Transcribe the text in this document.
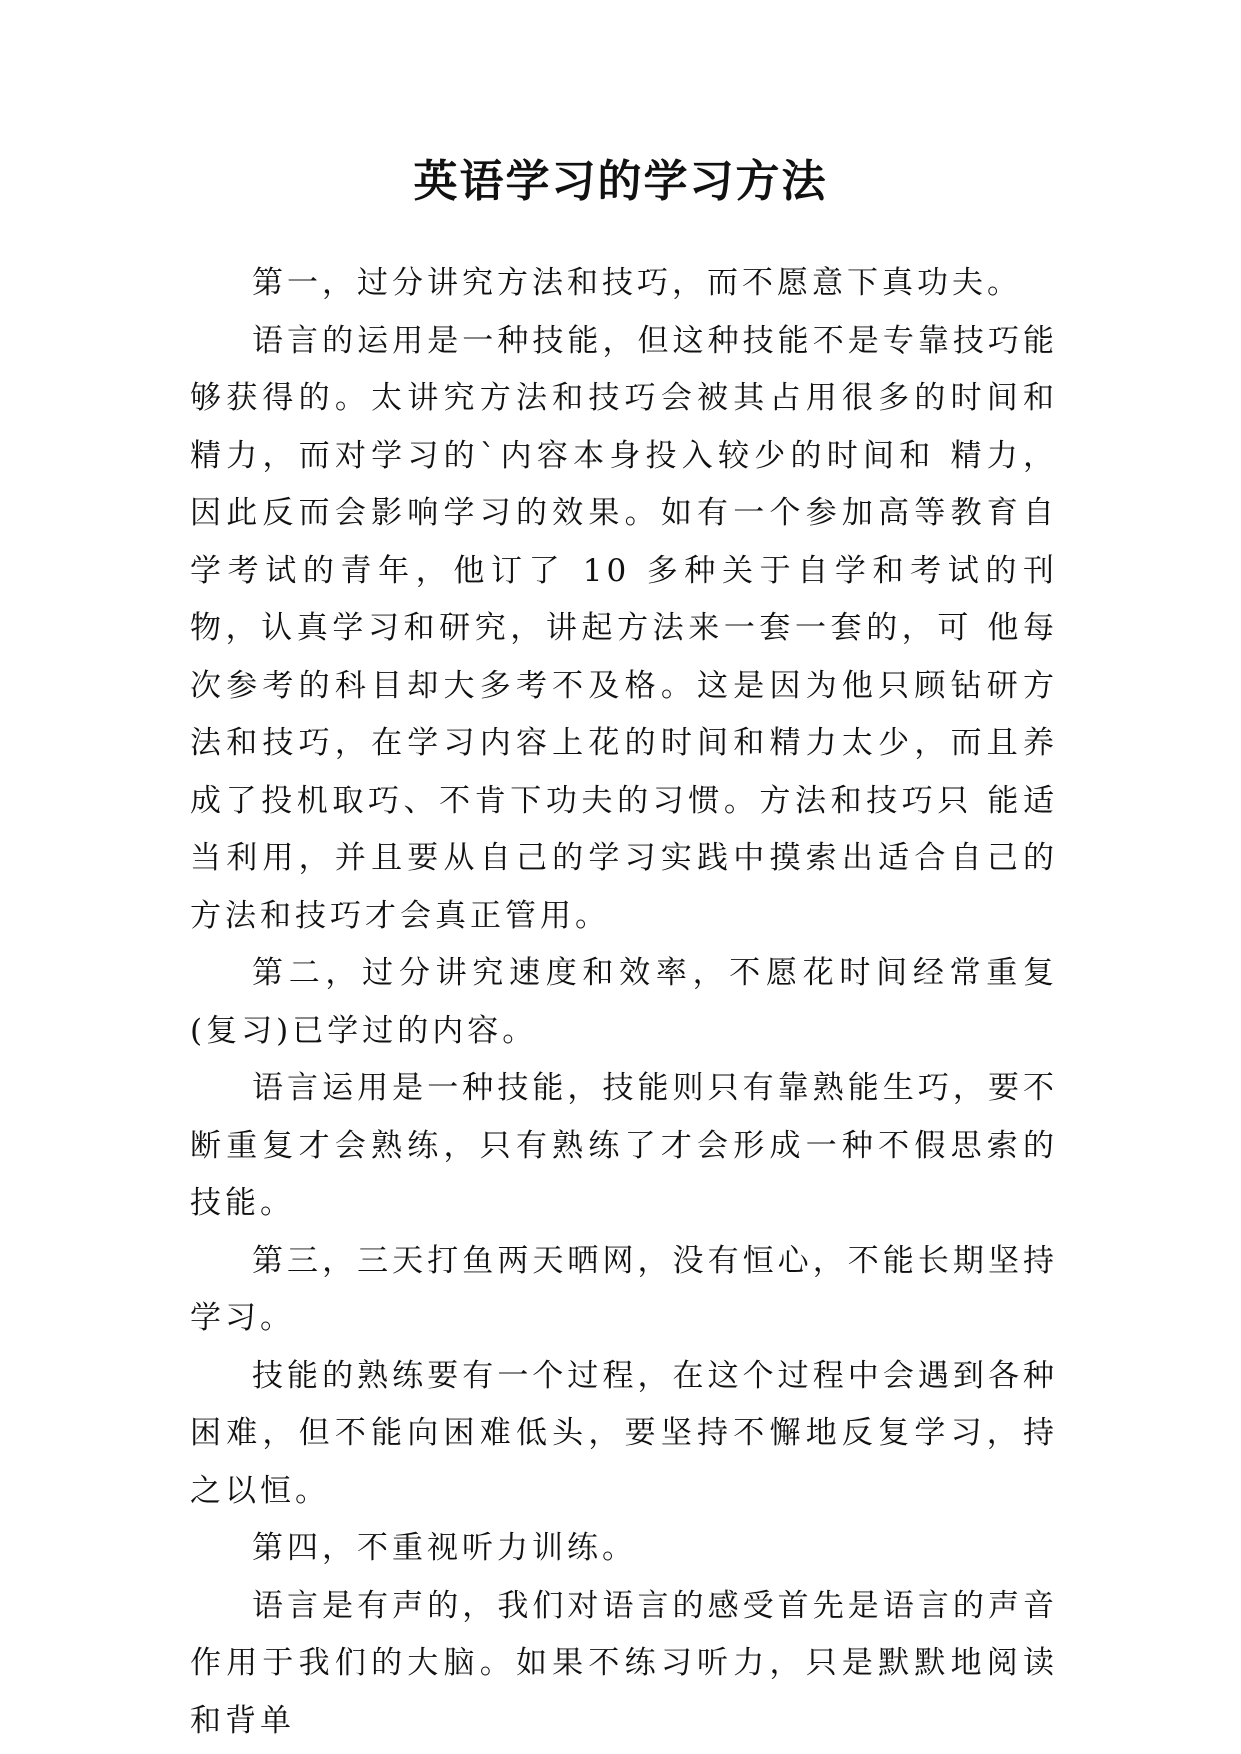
英语学习的学习方法

第一，过分讲究方法和技巧，而不愿意下真功夫。

语言的运用是一种技能，但这种技能不是专靠技巧能够获得的。太讲究方法和技巧会被其占用很多的时间和精力，而对学习的`内容本身投入较少的时间和 精力，因此反而会影响学习的效果。如有一个参加高等教育自学考试的青年，他订了 10 多种关于自学和考试的刊物，认真学习和研究，讲起方法来一套一套的，可 他每次参考的科目却大多考不及格。这是因为他只顾钻研方法和技巧，在学习内容上花的时间和精力太少，而且养成了投机取巧、不肯下功夫的习惯。方法和技巧只 能适当利用，并且要从自己的学习实践中摸索出适合自己的方法和技巧才会真正管用。

第二，过分讲究速度和效率，不愿花时间经常重复(复习)已学过的内容。

语言运用是一种技能，技能则只有靠熟能生巧，要不断重复才会熟练，只有熟练了才会形成一种不假思索的技能。

第三，三天打鱼两天晒网，没有恒心，不能长期坚持学习。

技能的熟练要有一个过程，在这个过程中会遇到各种困难，但不能向困难低头，要坚持不懈地反复学习，持之以恒。

第四，不重视听力训练。

语言是有声的，我们对语言的感受首先是语言的声音作用于我们的大脑。如果不练习听力，只是默默地阅读和背单
